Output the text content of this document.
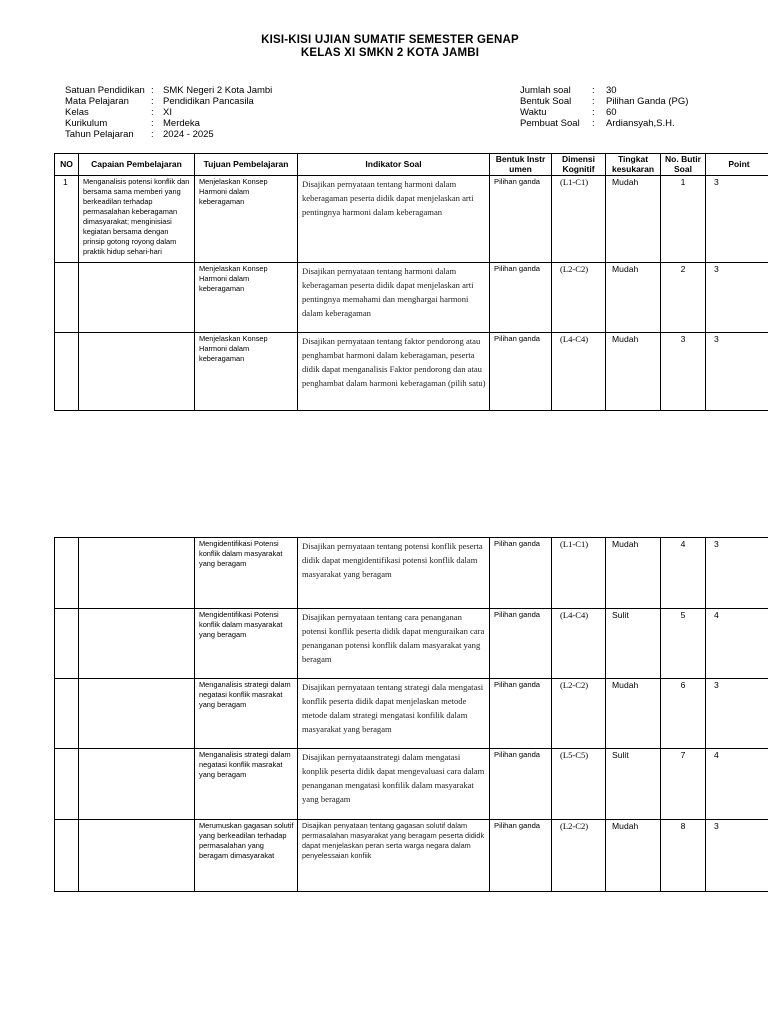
KISI-KISI UJIAN SUMATIF SEMESTER GENAP
KELAS XI SMKN 2 KOTA JAMBI
Satuan Pendidikan : SMK Negeri 2 Kota Jambi
Mata Pelajaran : Pendidikan Pancasila
Kelas	: XI
Kurikulum	: Merdeka
Tahun Pelajaran : 2024 - 2025
Jumlah soal : 30
Bentuk Soal : Pilihan Ganda (PG)
Waktu	: 60
Pembuat Soal : Ardiansyah,S.H.
NO	Capaian Pembelajaran	Tujuan Pembelajaran	Indikator Soal	Bentuk Instr umen	Dimensi Kognitif	Tingkat kesukaran	No. Butir Soal	Point
1	Menganalisis potensi konflik dan bersama sama memberi yang berkeadilan terhadap permasalahan keberagaman dimasyarakat; menginisiasi kegiatan bersama dengan prinsip gotong royong dalam praktik hidup sehari-hari	Menjelaskan Konsep Harmoni dalam keberagaman	Disajikan pernyataan tentang harmoni dalam keberagaman peserta didik dapat menjelaskan arti pentingnya harmoni dalam keberagaman	Pilihan ganda	(L1-C1)	Mudah	1	3
		Menjelaskan Konsep Harmoni dalam keberagaman	Disajikan pernyataan tentang harmoni dalam keberagaman peserta didik dapat menjelaskan arti pentingnya memahami dan menghargai harmoni dalam keberagaman	Pilihan ganda	(L2-C2)	Mudah	2	3
		Menjelaskan Konsep Harmoni dalam keberagaman	Disajikan pernyataan tentang faktor pendorong atau penghambat harmoni dalam keberagaman, peserta didik dapat menganalisis Faktor pendorong dan atau penghambat dalam harmoni keberagaman (pilih satu)	Pilihan ganda	(L4-C4)	Mudah	3	3
		Mengidentifikasi Potensi konflik dalam masyarakat yang beragam	Disajikan pernyataan tentang potensi konflik peserta didik dapat mengidentifikasi potensi konflik dalam masyarakat yang beragam	Pilihan ganda	(L1-C1)	Mudah	4	3
		Mengidentifikasi Potensi konflik dalam masyarakat yang beragam	Disajikan pernyataan tentang cara penanganan potensi konflik peserta didik dapat menguraikan cara penanganan potensi konflik dalam masyarakat yang beragam	Pilihan ganda	(L4-C4)	Sulit	5	4
		Menganalisis strategi dalam negatasi konflik masrakat yang beragam	Disajikan pernyataan tentang strategi dala mengatasi konflik peserta didik dapat menjelaskan metode metode dalam strategi mengatasi konfilik dalam masyarakat yang beragam	Pilihan ganda	(L2-C2)	Mudah	6	3
		Menganalisis strategi dalam negatasi konflik masrakat yang beragam	Disajikan pernyataanstrategi dalam mengatasi konplik peserta didik dapat mengevaluasi cara dalam penanganan mengatasi konfilik dalam masyarakat yang beragam	Pilihan ganda	(L5-C5)	Sulit	7	4
		Merumuskan gagasan solutif yang berkeadilan terhadap permasalahan yang beragam dimasyarakat	Disajikan penyataan tentang gagasan solutif dalam permasalahan masyarakat yang beragam peserta dididk dapat menjelaskan peran serta warga negara dalam penyelessaian konfiik	Pilihan ganda	(L2-C2)	Mudah	8	3
